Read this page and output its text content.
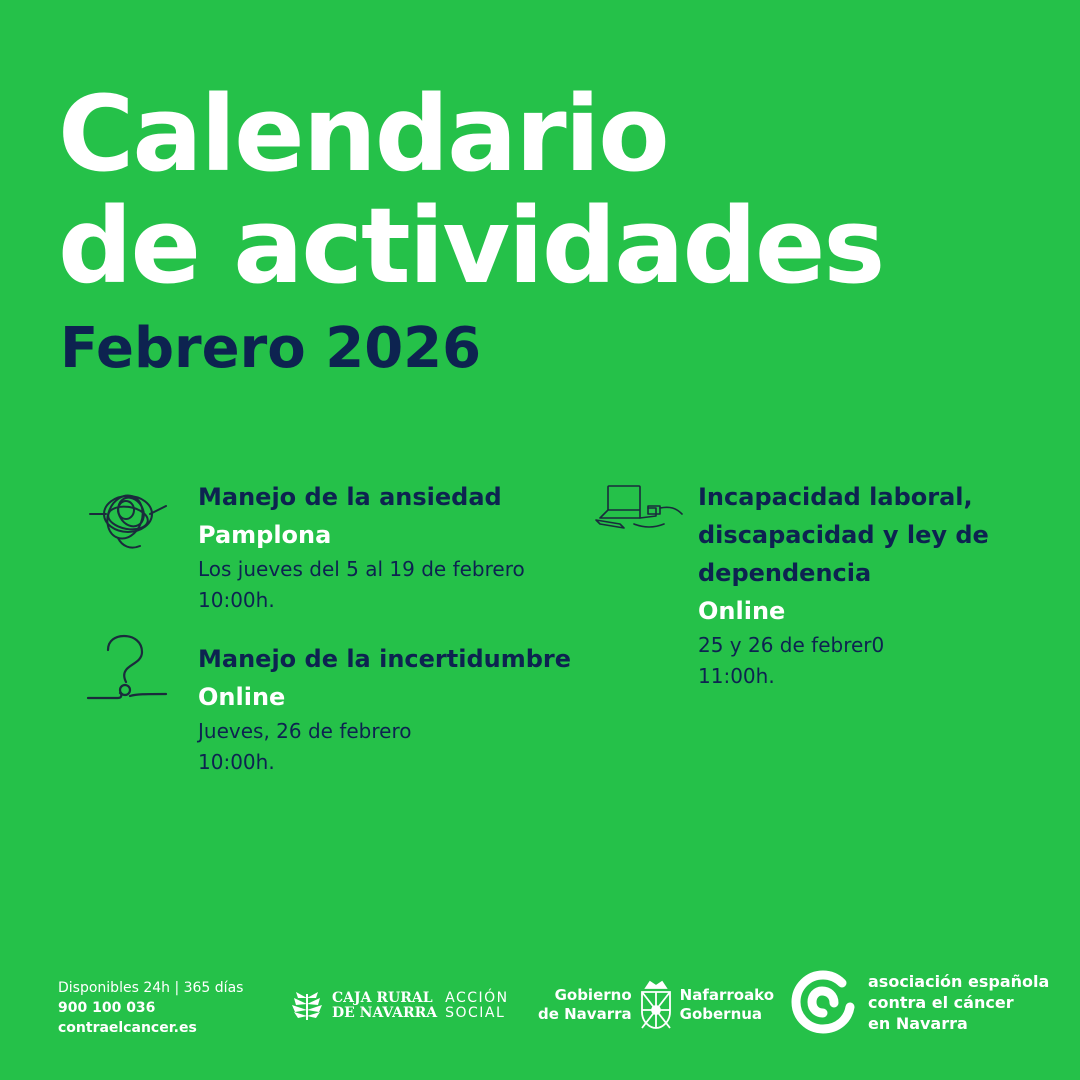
Calendario
de actividades
Febrero 2026
Manejo de la ansiedad
Pamplona
Los jueves del 5 al 19 de febrero
10:00h.
Manejo de la incertidumbre
Online
Jueves, 26 de febrero
10:00h.
Incapacidad laboral,
discapacidad y ley de
dependencia
Online
25 y 26 de febrer0
11:00h.
Disponibles 24h | 365 días
900 100 036
contraelcancer.es
CAJA RURAL
DE NAVARRA
ACCIÓN
SOCIAL
Gobierno
de Navarra
Nafarroako
Gobernua
asociación española
contra el cáncer
en Navarra
